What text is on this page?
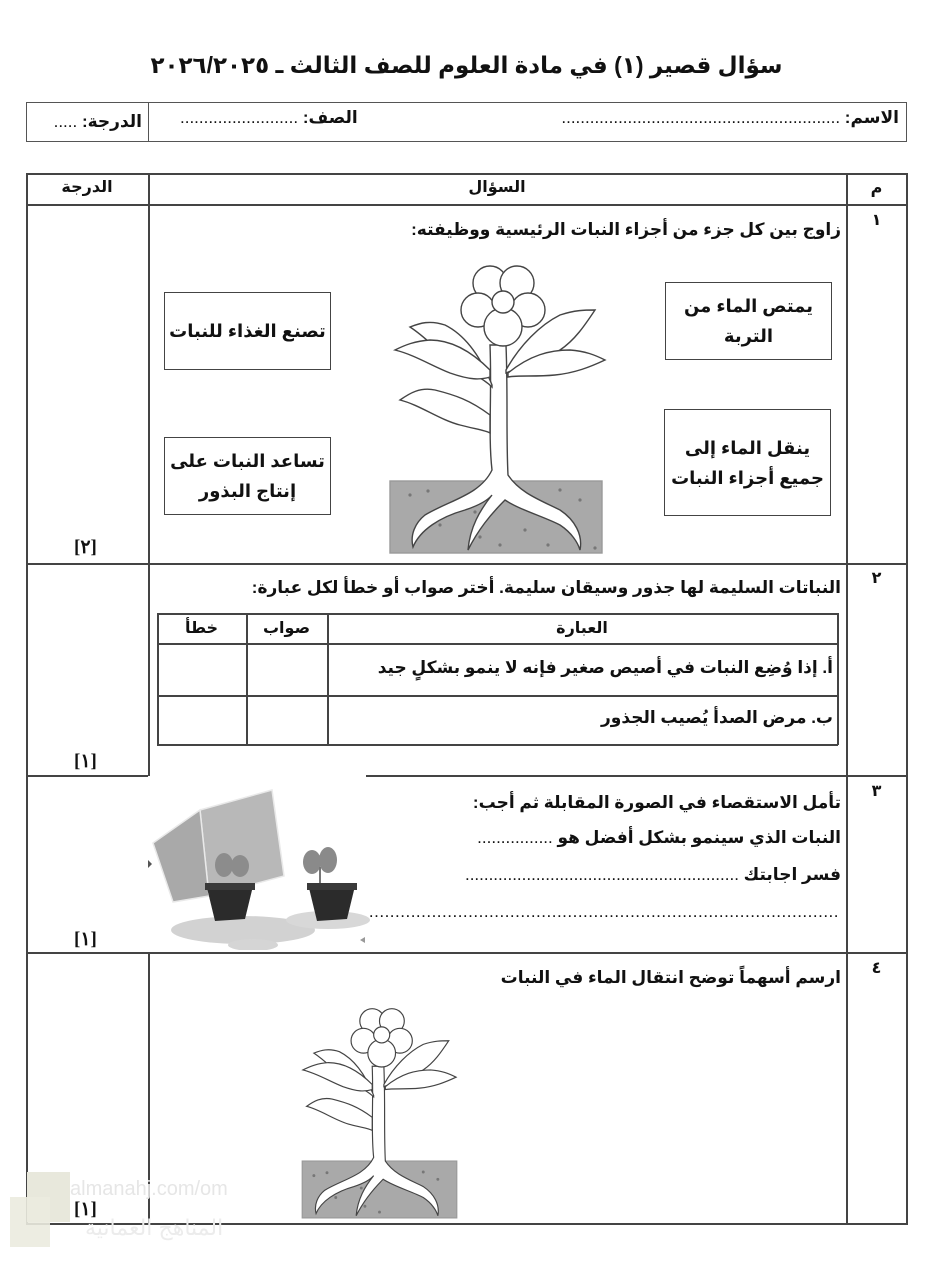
سؤال قصير (١) في مادة العلوم للصف الثالث ـ ٢٠٢٦/٢٠٢٥
الاسم: ...........................................................
الصف: .........................
الدرجة: .....
م
السؤال
الدرجة
١
زاوج بين كل جزء من أجزاء النبات الرئيسية ووظيفته:
يمتص الماء من التربة
تصنع الغذاء للنبات
ينقل الماء إلى جميع أجزاء النبات
تساعد النبات على إنتاج البذور
[٢]
٢
النباتات السليمة لها جذور وسيقان سليمة. أختر صواب أو خطأ لكل عبارة:
العبارة
صواب
خطأ
أ. إذا وُضِع النبات في أصيص صغير فإنه لا ينمو بشكلٍ جيد
ب. مرض الصدأ يُصيب الجذور
[١]
٣
تأمل الاستقصاء في الصورة المقابلة ثم أجب:
النبات الذي سينمو بشكل أفضل هو ................
فسر اجابتك ..........................................................
..........................................................................................
[١]
٤
ارسم أسهماً توضح انتقال الماء في النبات
almanahj.com/om
المناهج العمانية
[١]
